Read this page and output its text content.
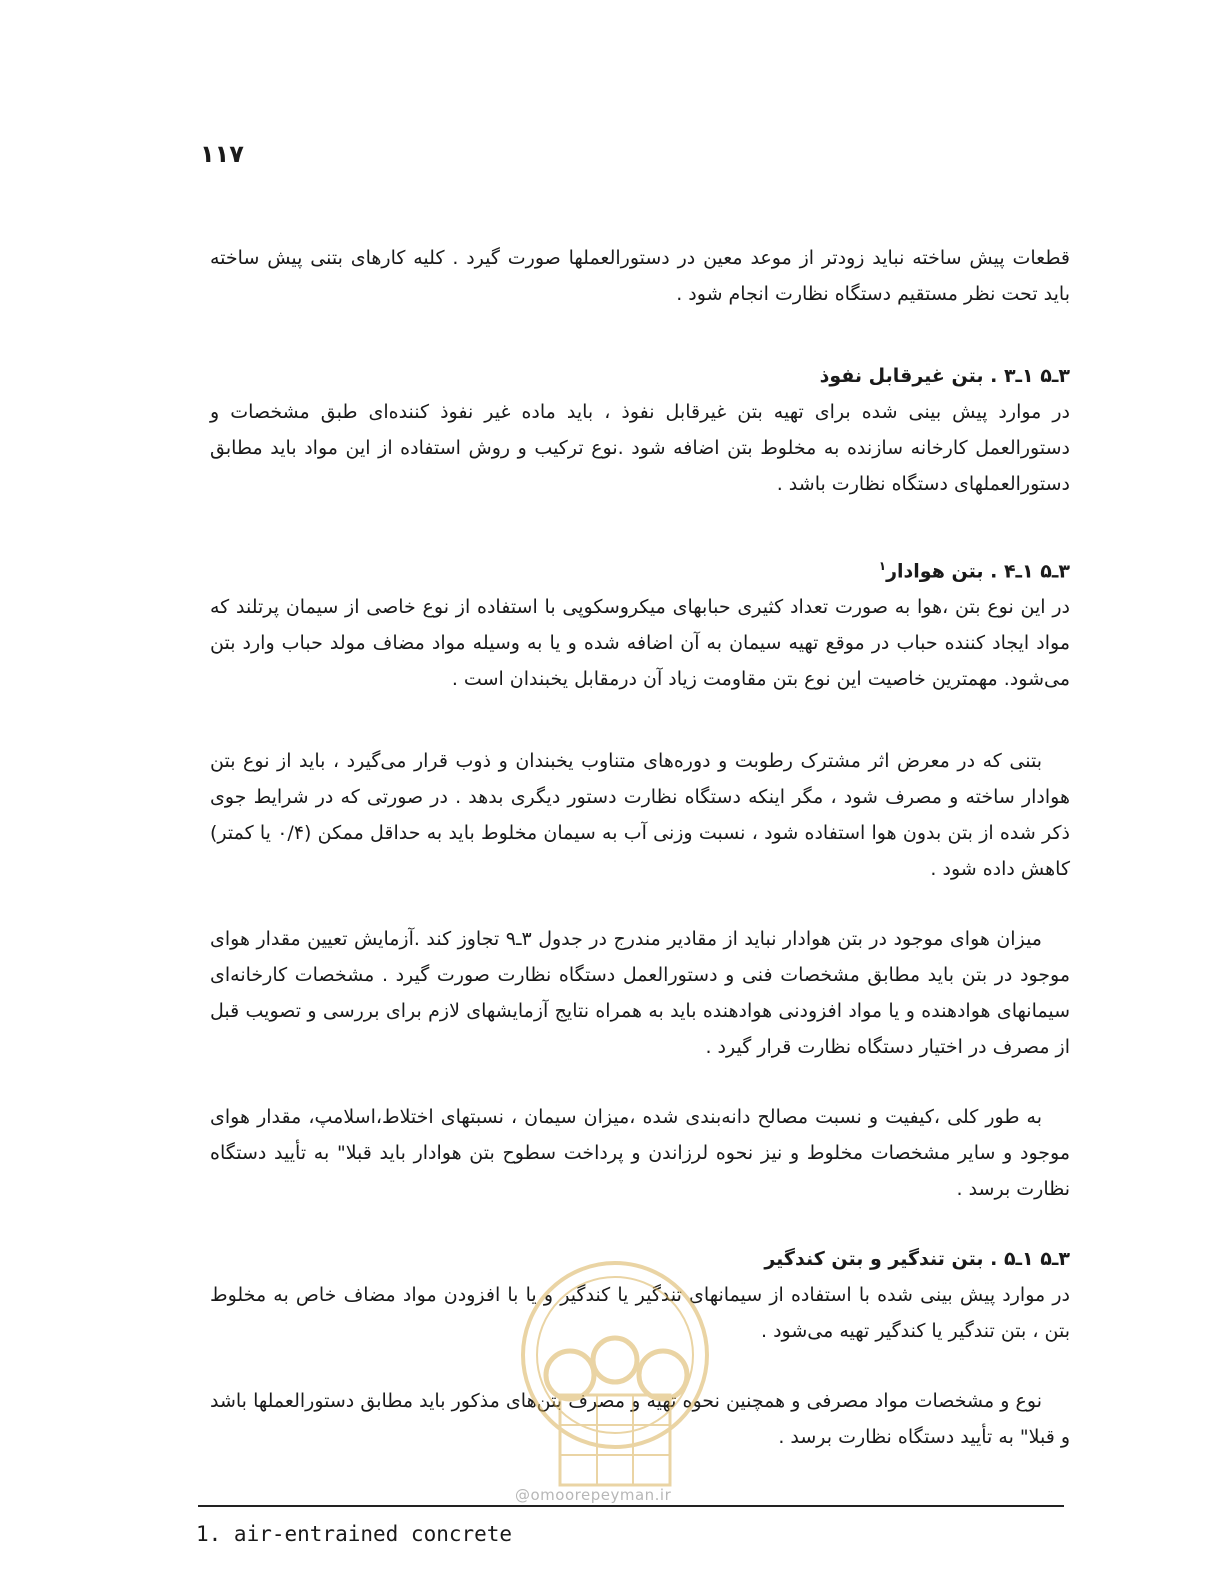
۱۱۷

قطعات پیش ساخته نباید زودتر از موعد معین در دستورالعملها صورت گیرد . کلیه کارهای بتنی پیش ساخته باید تحت نظر مستقیم دستگاه نظارت انجام شود .

۳ـ۵ ۱ـ۳ . بتن غیرقابل نفوذ

در موارد پیش بینی شده برای تهیه بتن غیرقابل نفوذ ، باید ماده غیر نفوذ کننده‌ای طبق مشخصات و دستورالعمل کارخانه سازنده به مخلوط بتن اضافه شود .نوع ترکیب و روش استفاده از این مواد باید مطابق دستورالعملهای دستگاه نظارت باشد .

۳ـ۵ ۱ـ۴ . بتن هوادار$^۱$

در این نوع بتن ،هوا به صورت تعداد کثیری حبابهای میکروسکوپی با استفاده از نوع خاصی از سیمان پرتلند که مواد ایجاد کننده حباب در موقع تهیه سیمان به آن اضافه شده و یا به وسیله مواد مضاف مولد حباب وارد بتن می‌شود. مهمترین خاصیت این نوع بتن مقاومت زیاد آن درمقابل یخبندان است .

بتنی که در معرض اثر مشترک رطوبت و دوره‌های متناوب یخبندان و ذوب قرار می‌گیرد ، باید از نوع بتن هوادار ساخته و مصرف شود ، مگر اینکه دستگاه نظارت دستور دیگری بدهد . در صورتی که در شرایط جوی ذکر شده از بتن بدون هوا استفاده شود ، نسبت وزنی آب به سیمان مخلوط باید به حداقل ممکن (۰/۴ یا کمتر) کاهش داده شود .

میزان هوای موجود در بتن هوادار نباید از مقادیر مندرج در جدول ۳ـ۹ تجاوز کند .آزمایش تعیین مقدار هوای موجود در بتن باید مطابق مشخصات فنی و دستورالعمل دستگاه نظارت صورت گیرد . مشخصات کارخانه‌ای سیمانهای هوادهنده و یا مواد افزودنی هوادهنده باید به همراه نتایج آزمایشهای لازم برای بررسی و تصویب قبل از مصرف در اختیار دستگاه نظارت قرار گیرد .

به طور کلی ،کیفیت و نسبت مصالح دانه‌بندی شده ،میزان سیمان ، نسبتهای اختلاط،اسلامپ، مقدار هوای موجود و سایر مشخصات مخلوط و نیز نحوه لرزاندن و پرداخت سطوح بتن هوادار باید قبلا" به تأیید دستگاه نظارت برسد .

۳ـ۵ ۱ـ۵ . بتن تندگیر و بتن کندگیر

در موارد پیش بینی شده با استفاده از سیمانهای تندگیر یا کندگیر و یا با افزودن مواد مضاف خاص به مخلوط بتن ، بتن تندگیر یا کندگیر تهیه می‌شود .

نوع و مشخصات مواد مصرفی و همچنین نحوه تهیه و مصرف بتن‌های مذکور باید مطابق دستورالعملها باشد و قبلا" به تأیید دستگاه نظارت برسد .

@omoorepeyman.ir
1. air-entrained concrete
